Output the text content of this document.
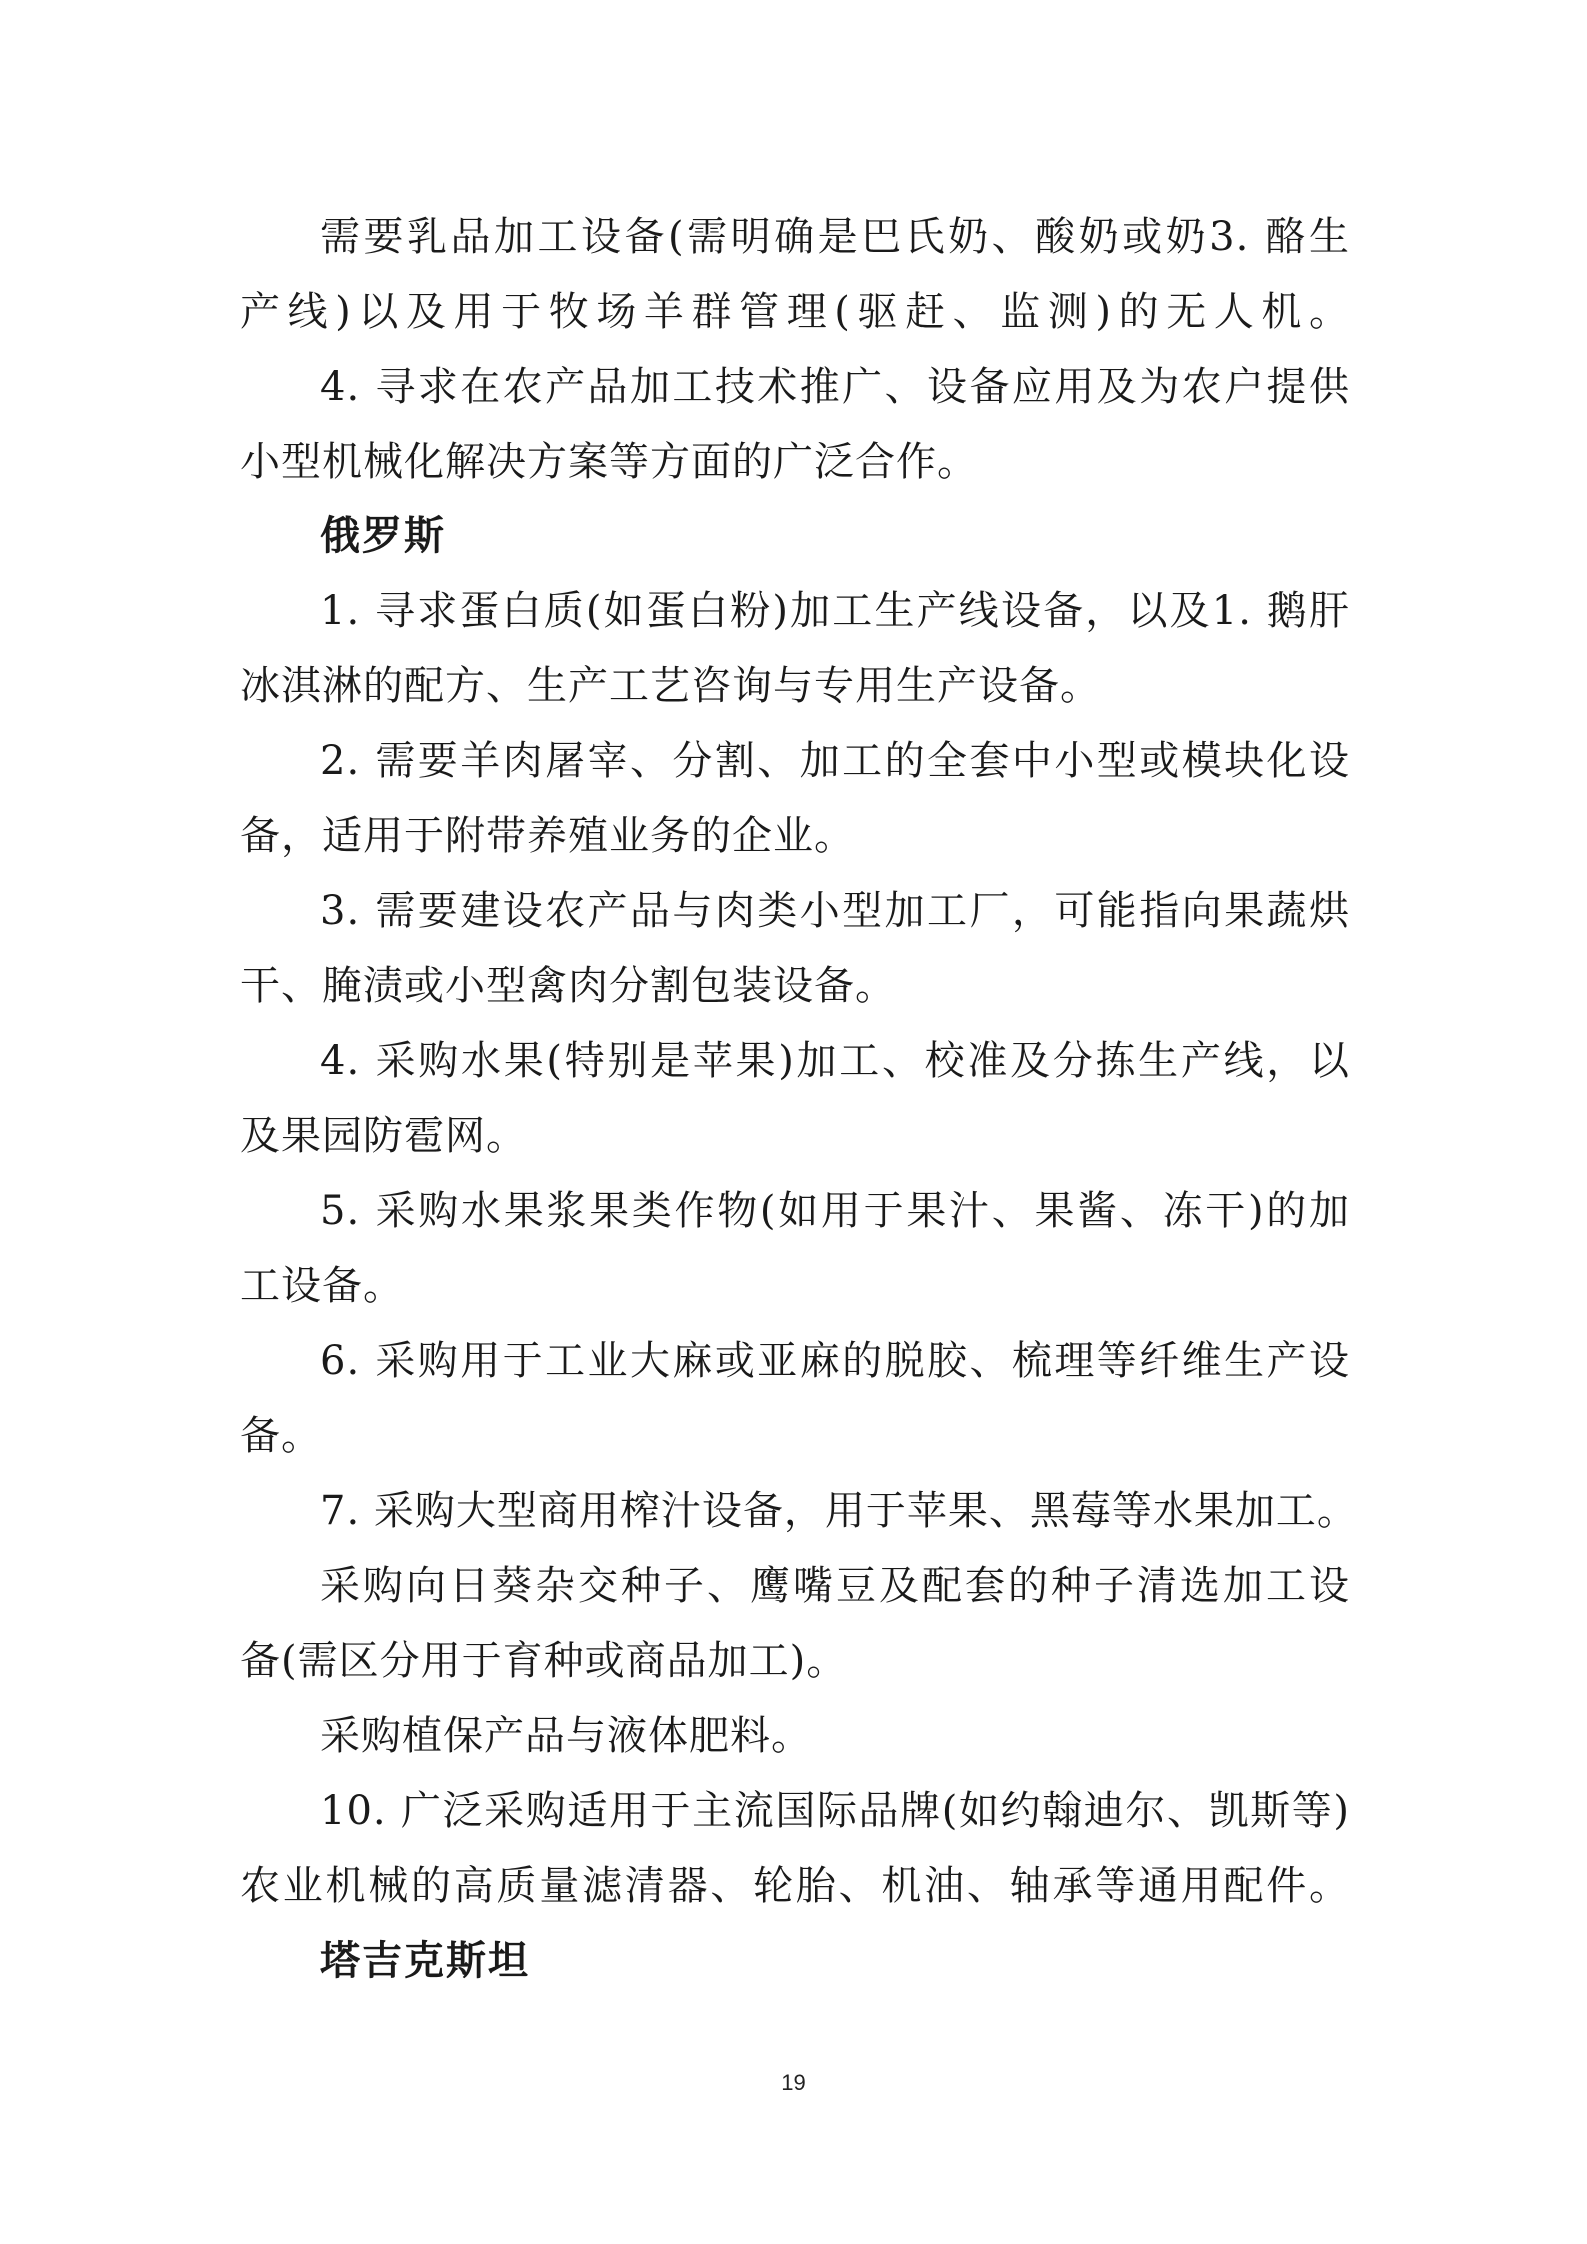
需要乳品加工设备(需明确是巴氏奶、酸奶或奶3. 酪生
产线)以及用于牧场羊群管理(驱赶、监测)的无人机。
4. 寻求在农产品加工技术推广、设备应用及为农户提供
小型机械化解决方案等方面的广泛合作。
俄罗斯
1. 寻求蛋白质(如蛋白粉)加工生产线设备，以及1. 鹅肝
冰淇淋的配方、生产工艺咨询与专用生产设备。
2. 需要羊肉屠宰、分割、加工的全套中小型或模块化设
备，适用于附带养殖业务的企业。
3. 需要建设农产品与肉类小型加工厂，可能指向果蔬烘
干、腌渍或小型禽肉分割包装设备。
4. 采购水果(特别是苹果)加工、校准及分拣生产线，以
及果园防雹网。
5. 采购水果浆果类作物(如用于果汁、果酱、冻干)的加
工设备。
6. 采购用于工业大麻或亚麻的脱胶、梳理等纤维生产设
备。
7. 采购大型商用榨汁设备，用于苹果、黑莓等水果加工。
采购向日葵杂交种子、鹰嘴豆及配套的种子清选加工设
备(需区分用于育种或商品加工)。
采购植保产品与液体肥料。
10. 广泛采购适用于主流国际品牌(如约翰迪尔、凯斯等)
农业机械的高质量滤清器、轮胎、机油、轴承等通用配件。
塔吉克斯坦
19
